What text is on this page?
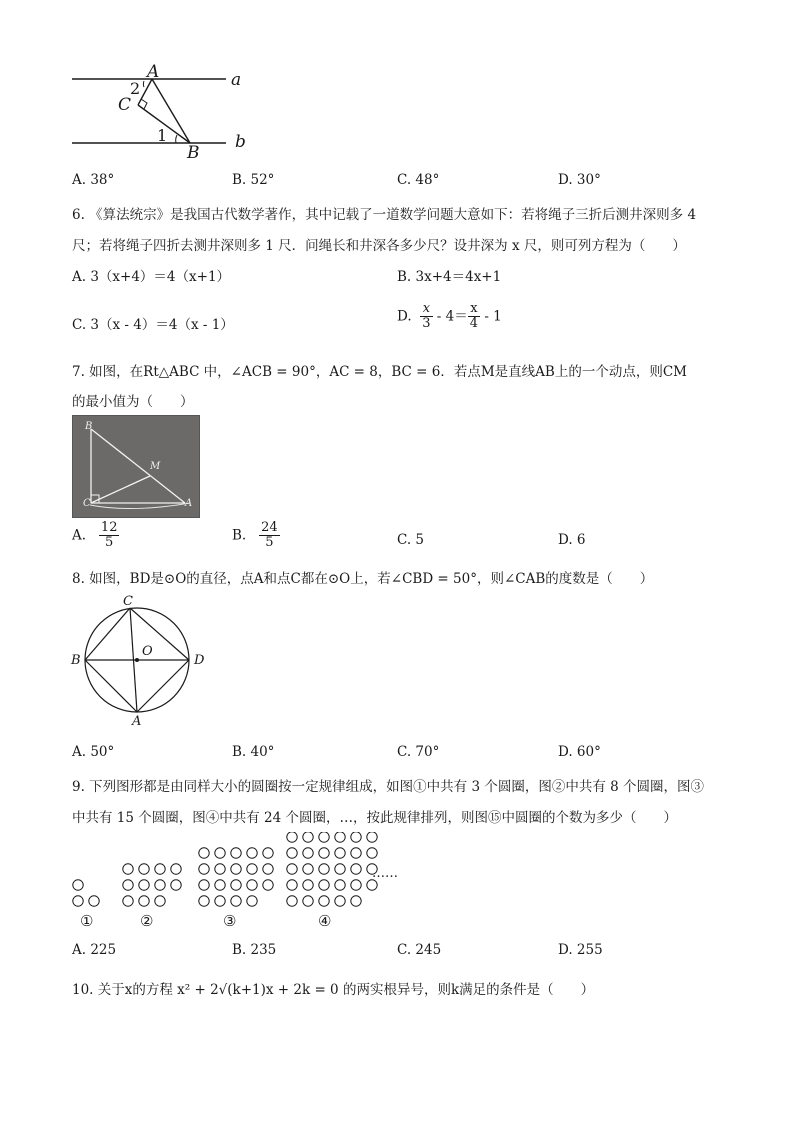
A	a
2
C
1	b
B
A. 38°	B. 52°	C. 48°	D. 30°
6. 《算法统宗》是我国古代数学著作，其中记载了一道数学问题大意如下：若将绳子三折后测井深则多 4
尺；若将绳子四折去测井深则多 1 尺．问绳长和井深各多少尺？设井深为 x 尺，则可列方程为（　　）
A. 3（x+4）＝4（x+1）	B. 3x+4＝4x+1
C. 3（x - 4）＝4（x - 1）
D. $\frac{x}{3} - 4= \frac{x}{4} - 1$
7. 如图，在Rt△ABC 中，∠ACB = 90°，AC = 8，BC = 6．若点M是直线AB上的一个动点，则CM
的最小值为（　　）
B
M
C	A
A. $\frac{12}{5}$	B. $\frac{24}{5}$	C. 5	D. 6
8. 如图，BD是⊙O的直径，点A和点C都在⊙O上，若∠CBD = 50°，则∠CAB的度数是（　　）
C
O
B	D
A
A. 50°	B. 40°	C. 70°	D. 60°
9. 下列图形都是由同样大小的圆圈按一定规律组成，如图①中共有 3 个圆圈，图②中共有 8 个圆圈，图③
中共有 15 个圆圈，图④中共有 24 个圆圈，…，按此规律排列，则图⑮中圆圈的个数为多少（　　）
①	②	③	④
……
A. 225	B. 235	C. 245	D. 255
10. 关于x的方程 x² + 2√(k+1)x + 2k = 0 的两实根异号，则k满足的条件是（　　）
